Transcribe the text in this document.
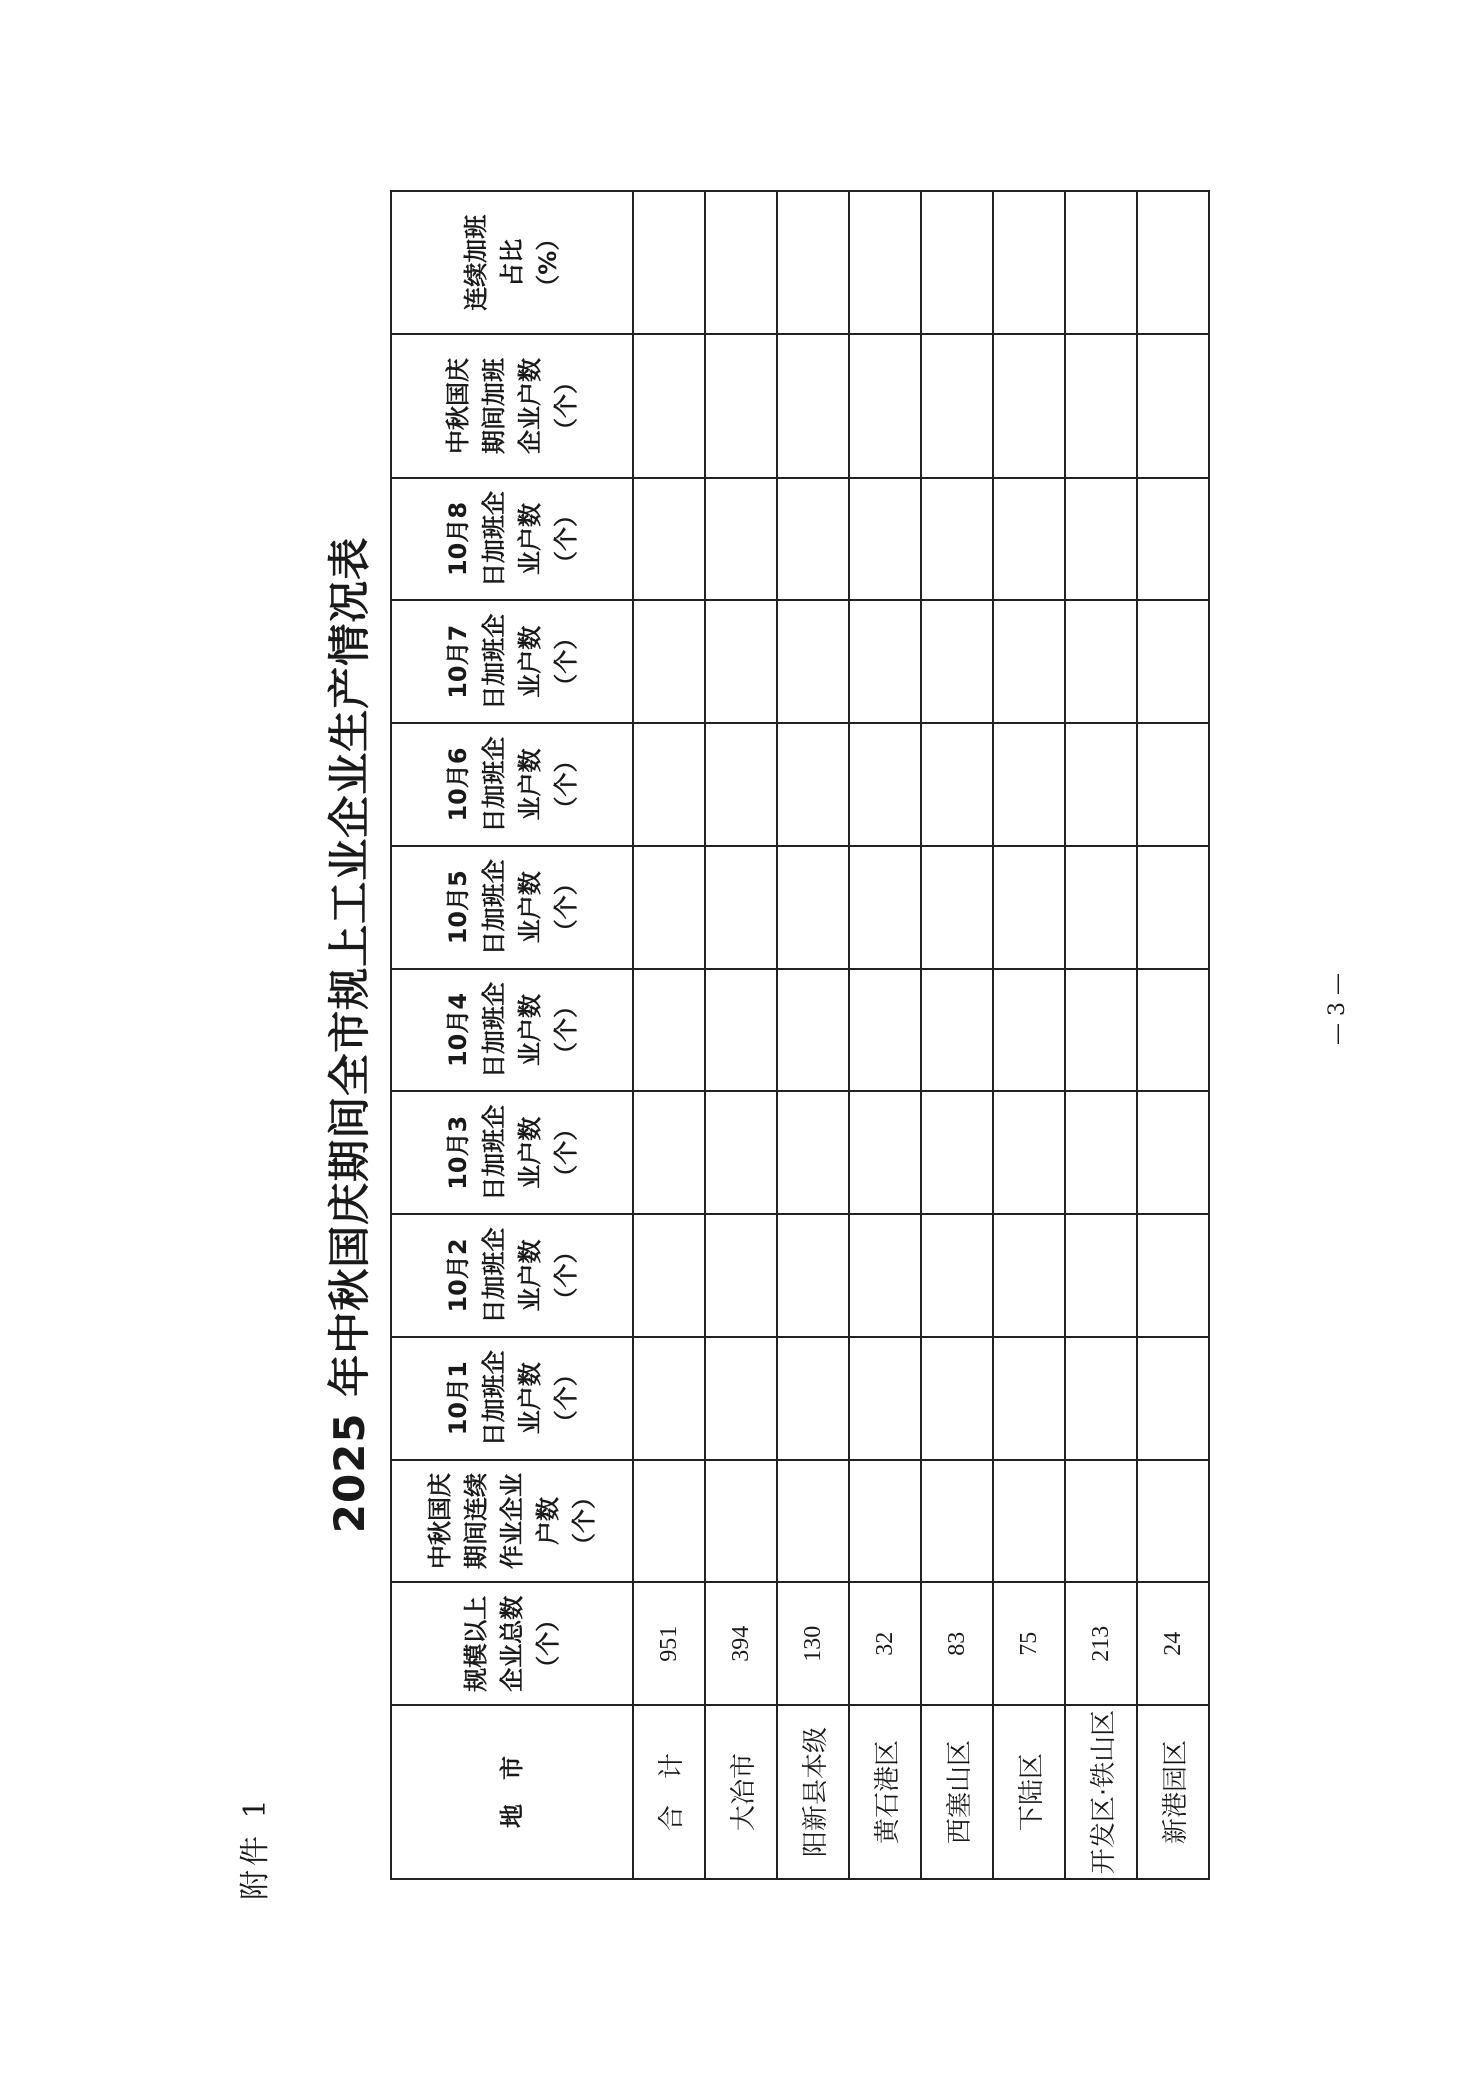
附件 1
2025 年中秋国庆期间全市规上工业企业生产情况表
地　市	规模以上企业总数（个）	中秋国庆期间连续作业企业户数（个）	10月1日加班企业户数（个）	10月2日加班企业户数（个）	10月3日加班企业户数（个）	10月4日加班企业户数（个）	10月5日加班企业户数（个）	10月6日加班企业户数（个）	10月7日加班企业户数（个）	10月8日加班企业户数（个）	中秋国庆期间加班企业户数（个）	连续加班占比（%）
合　计	951											
大冶市	394											
阳新县本级	130											
黄石港区	32											
西塞山区	83											
下陆区	75											
开发区·铁山区	213											
新港园区	24											
— 3 —
